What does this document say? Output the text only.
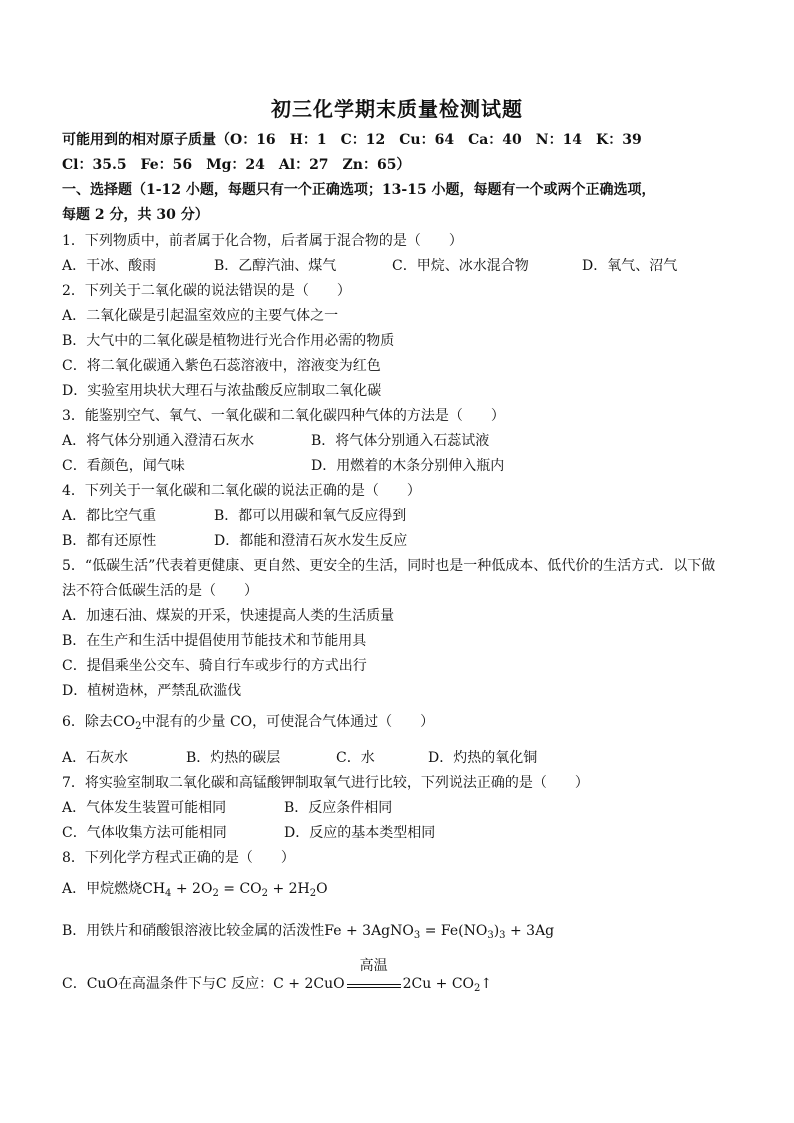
初三化学期末质量检测试题
可能用到的相对原子质量（O：16　H：1　C：12　Cu：64　Ca：40　N：14　K：39
Cl：35.5　Fe：56　Mg：24　Al：27　Zn：65）
一、选择题（1-12 小题，每题只有一个正确选项；13-15 小题，每题有一个或两个正确选项，
每题 2 分，共 30 分）
1．下列物质中，前者属于化合物，后者属于混合物的是（　　）
A．干冰、酸雨	B．乙醇汽油、煤气	C．甲烷、冰水混合物	D．氧气、沼气
2．下列关于二氧化碳的说法错误的是（　　）
A．二氧化碳是引起温室效应的主要气体之一
B．大气中的二氧化碳是植物进行光合作用必需的物质
C．将二氧化碳通入紫色石蕊溶液中，溶液变为红色
D．实验室用块状大理石与浓盐酸反应制取二氧化碳
3．能鉴别空气、氧气、一氧化碳和二氧化碳四种气体的方法是（　　）
A．将气体分别通入澄清石灰水	B．将气体分别通入石蕊试液
C．看颜色，闻气味	D．用燃着的木条分别伸入瓶内
4．下列关于一氧化碳和二氧化碳的说法正确的是（　　）
A．都比空气重	B．都可以用碳和氧气反应得到
B．都有还原性	D．都能和澄清石灰水发生反应
5．“低碳生活”代表着更健康、更自然、更安全的生活，同时也是一种低成本、低代价的生活方式．以下做
法不符合低碳生活的是（　　）
A．加速石油、煤炭的开采，快速提高人类的生活质量
B．在生产和生活中提倡使用节能技术和节能用具
C．提倡乘坐公交车、骑自行车或步行的方式出行
D．植树造林，严禁乱砍滥伐
6．除去$CO_2$中混有的少量 CO，可使混合气体通过（　　）
A．石灰水	B．灼热的碳层	C．水	D．灼热的氧化铜
7．将实验室制取二氧化碳和高锰酸钾制取氧气进行比较，下列说法正确的是（　　）
A．气体发生装置可能相同	B．反应条件相同
C．气体收集方法可能相同	D．反应的基本类型相同
8．下列化学方程式正确的是（　　）
A．甲烷燃烧$CH_4 + 2O_2 = CO_2 + 2H_2O$
B．用铁片和硝酸银溶液比较金属的活泼性Fe + 3AgNO$_3$ = $Fe(NO_3)_3 + 3Ag$
C．CuO在高温条件下与C 反应：C + 2CuO
高温
$2Cu + CO_2↑$
